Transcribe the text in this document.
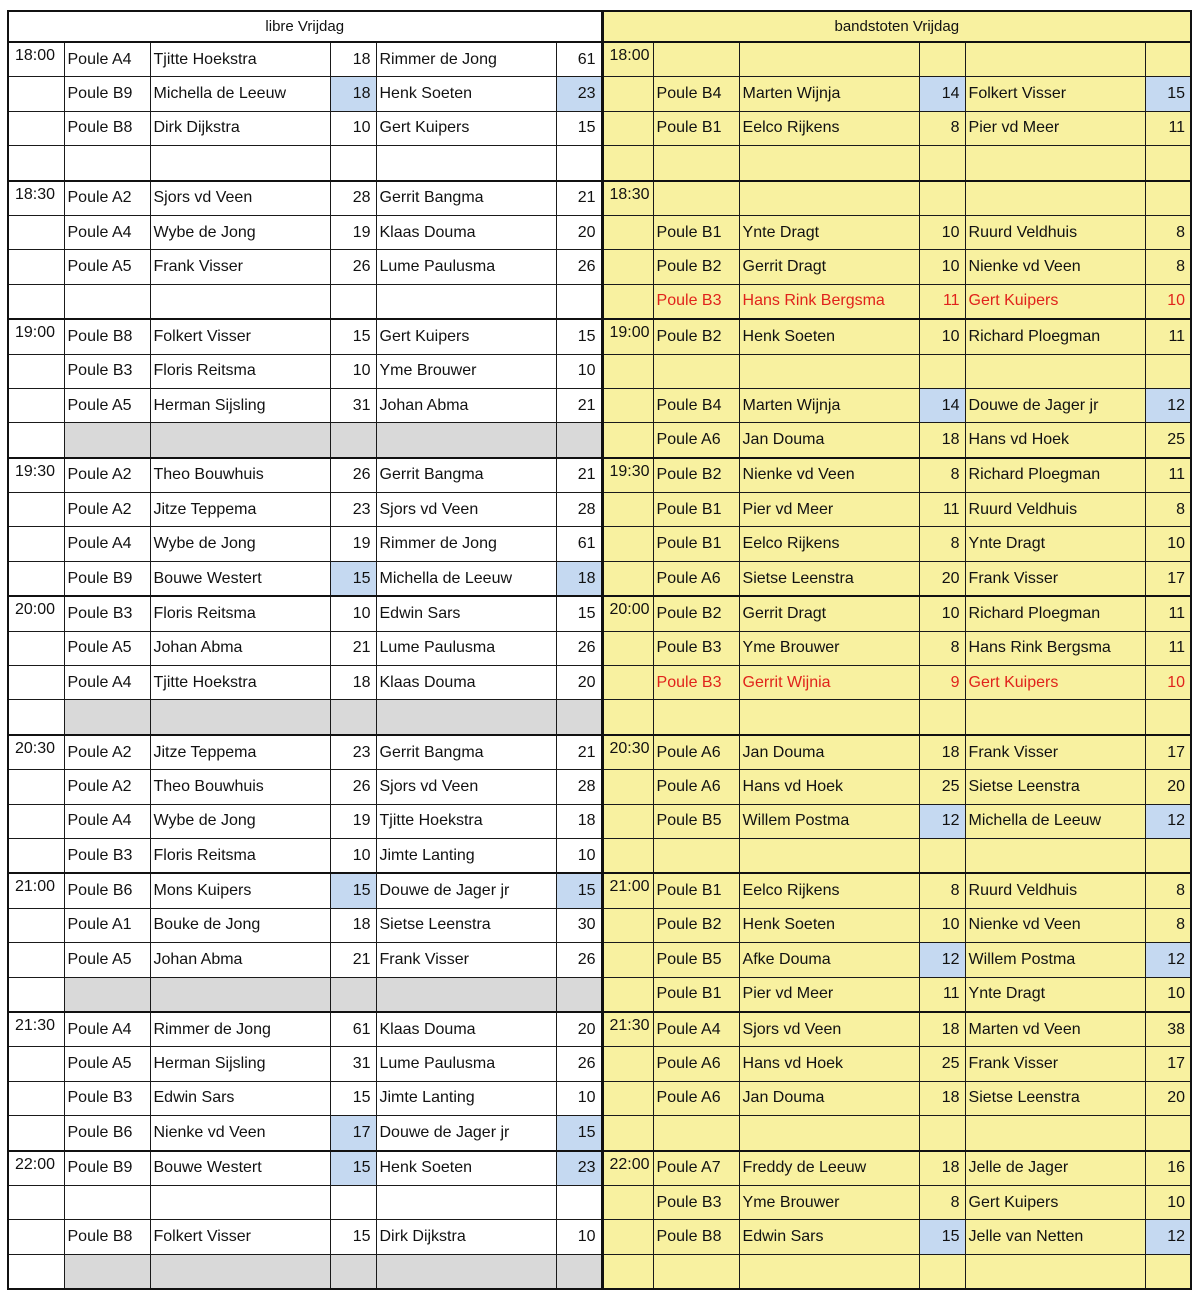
libre Vrijdag						bandstoten Vrijdag					
18:00	Poule A4	Tjitte Hoekstra	18	Rimmer de Jong	61	18:00					
	Poule B9	Michella de Leeuw	18	Henk Soeten	23		Poule B4	Marten Wijnja	14	Folkert Visser	15
	Poule B8	Dirk Dijkstra	10	Gert Kuipers	15		Poule B1	Eelco Rijkens	8	Pier vd Meer	11

18:30	Poule A2	Sjors vd Veen	28	Gerrit Bangma	21	18:30					
	Poule A4	Wybe de Jong	19	Klaas Douma	20		Poule B1	Ynte Dragt	10	Ruurd Veldhuis	8
	Poule A5	Frank Visser	26	Lume Paulusma	26		Poule B2	Gerrit Dragt	10	Nienke vd Veen	8
							Poule B3	Hans Rink Bergsma	11	Gert Kuipers	10
19:00	Poule B8	Folkert Visser	15	Gert Kuipers	15	19:00	Poule B2	Henk Soeten	10	Richard Ploegman	11
	Poule B3	Floris Reitsma	10	Yme Brouwer	10						
	Poule A5	Herman Sijsling	31	Johan Abma	21		Poule B4	Marten Wijnja	14	Douwe de Jager jr	12
							Poule A6	Jan Douma	18	Hans vd Hoek	25
19:30	Poule A2	Theo Bouwhuis	26	Gerrit Bangma	21	19:30	Poule B2	Nienke vd Veen	8	Richard Ploegman	11
	Poule A2	Jitze Teppema	23	Sjors vd Veen	28		Poule B1	Pier vd Meer	11	Ruurd Veldhuis	8
	Poule A4	Wybe de Jong	19	Rimmer de Jong	61		Poule B1	Eelco Rijkens	8	Ynte Dragt	10
	Poule B9	Bouwe Westert	15	Michella de Leeuw	18		Poule A6	Sietse Leenstra	20	Frank Visser	17
20:00	Poule B3	Floris Reitsma	10	Edwin Sars	15	20:00	Poule B2	Gerrit Dragt	10	Richard Ploegman	11
	Poule A5	Johan Abma	21	Lume Paulusma	26		Poule B3	Yme Brouwer	8	Hans Rink Bergsma	11
	Poule A4	Tjitte Hoekstra	18	Klaas Douma	20		Poule B3	Gerrit Wijnia	9	Gert Kuipers	10

20:30	Poule A2	Jitze Teppema	23	Gerrit Bangma	21	20:30	Poule A6	Jan Douma	18	Frank Visser	17
	Poule A2	Theo Bouwhuis	26	Sjors vd Veen	28		Poule A6	Hans vd Hoek	25	Sietse Leenstra	20
	Poule A4	Wybe de Jong	19	Tjitte Hoekstra	18		Poule B5	Willem Postma	12	Michella de Leeuw	12
	Poule B3	Floris Reitsma	10	Jimte Lanting	10						
21:00	Poule B6	Mons Kuipers	15	Douwe de Jager jr	15	21:00	Poule B1	Eelco Rijkens	8	Ruurd Veldhuis	8
	Poule A1	Bouke de Jong	18	Sietse Leenstra	30		Poule B2	Henk Soeten	10	Nienke vd Veen	8
	Poule A5	Johan Abma	21	Frank Visser	26		Poule B5	Afke Douma	12	Willem Postma	12
							Poule B1	Pier vd Meer	11	Ynte Dragt	10
21:30	Poule A4	Rimmer de Jong	61	Klaas Douma	20	21:30	Poule A4	Sjors vd Veen	18	Marten vd Veen	38
	Poule A5	Herman Sijsling	31	Lume Paulusma	26		Poule A6	Hans vd Hoek	25	Frank Visser	17
	Poule B3	Edwin Sars	15	Jimte Lanting	10		Poule A6	Jan Douma	18	Sietse Leenstra	20
	Poule B6	Nienke vd Veen	17	Douwe de Jager jr	15						
22:00	Poule B9	Bouwe Westert	15	Henk Soeten	23	22:00	Poule A7	Freddy de Leeuw	18	Jelle de Jager	16
							Poule B3	Yme Brouwer	8	Gert Kuipers	10
	Poule B8	Folkert Visser	15	Dirk Dijkstra	10		Poule B8	Edwin Sars	15	Jelle van Netten	12
